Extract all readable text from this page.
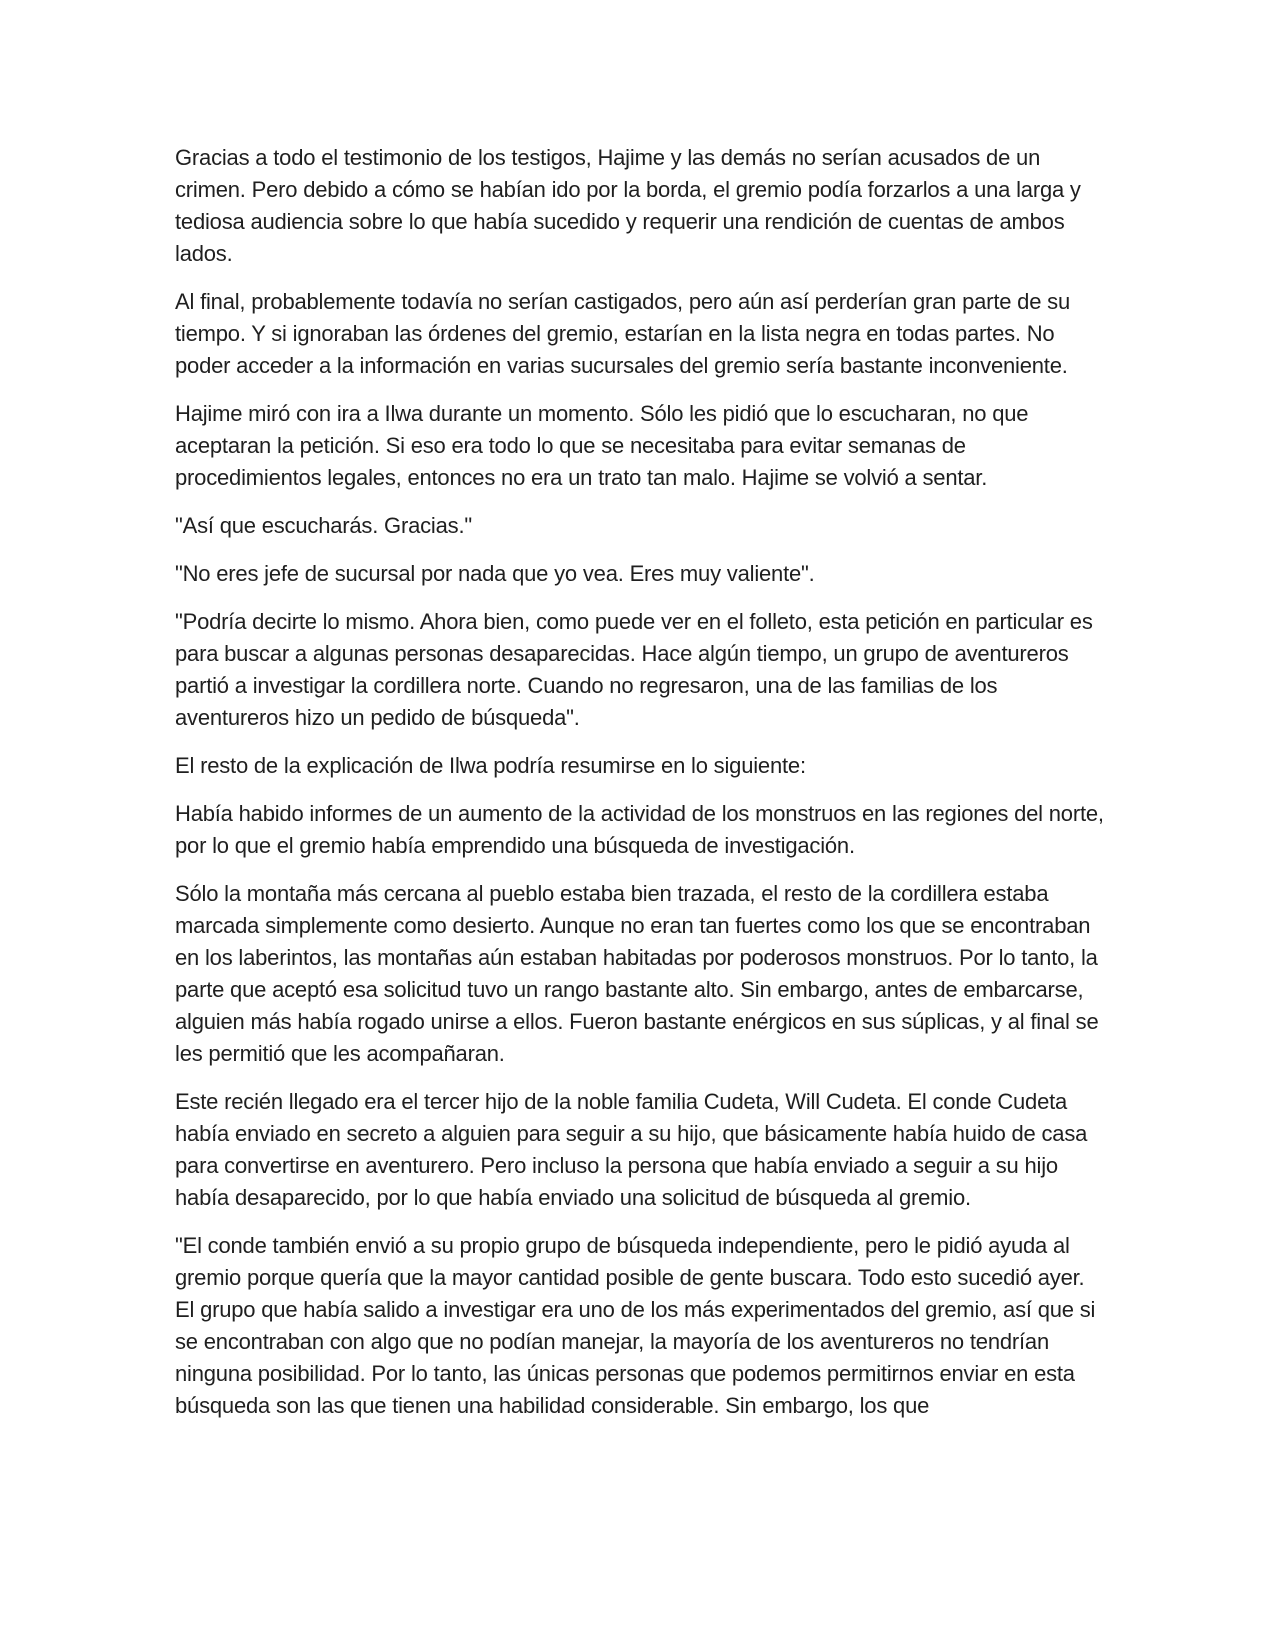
Gracias a todo el testimonio de los testigos, Hajime y las demás no serían acusados de un crimen. Pero debido a cómo se habían ido por la borda, el gremio podía forzarlos a una larga y tediosa audiencia sobre lo que había sucedido y requerir una rendición de cuentas de ambos lados.

Al final, probablemente todavía no serían castigados, pero aún así perderían gran parte de su tiempo. Y si ignoraban las órdenes del gremio, estarían en la lista negra en todas partes. No poder acceder a la información en varias sucursales del gremio sería bastante inconveniente.

Hajime miró con ira a Ilwa durante un momento. Sólo les pidió que lo escucharan, no que aceptaran la petición. Si eso era todo lo que se necesitaba para evitar semanas de procedimientos legales, entonces no era un trato tan malo. Hajime se volvió a sentar.

"Así que escucharás. Gracias."

"No eres jefe de sucursal por nada que yo vea. Eres muy valiente".

"Podría decirte lo mismo. Ahora bien, como puede ver en el folleto, esta petición en particular es para buscar a algunas personas desaparecidas. Hace algún tiempo, un grupo de aventureros partió a investigar la cordillera norte. Cuando no regresaron, una de las familias de los aventureros hizo un pedido de búsqueda".

El resto de la explicación de Ilwa podría resumirse en lo siguiente:

Había habido informes de un aumento de la actividad de los monstruos en las regiones del norte, por lo que el gremio había emprendido una búsqueda de investigación.

Sólo la montaña más cercana al pueblo estaba bien trazada, el resto de la cordillera estaba marcada simplemente como desierto. Aunque no eran tan fuertes como los que se encontraban en los laberintos, las montañas aún estaban habitadas por poderosos monstruos. Por lo tanto, la parte que aceptó esa solicitud tuvo un rango bastante alto. Sin embargo, antes de embarcarse, alguien más había rogado unirse a ellos. Fueron bastante enérgicos en sus súplicas, y al final se les permitió que les acompañaran.

Este recién llegado era el tercer hijo de la noble familia Cudeta, Will Cudeta. El conde Cudeta había enviado en secreto a alguien para seguir a su hijo, que básicamente había huido de casa para convertirse en aventurero. Pero incluso la persona que había enviado a seguir a su hijo había desaparecido, por lo que había enviado una solicitud de búsqueda al gremio.

"El conde también envió a su propio grupo de búsqueda independiente, pero le pidió ayuda al gremio porque quería que la mayor cantidad posible de gente buscara. Todo esto sucedió ayer. El grupo que había salido a investigar era uno de los más experimentados del gremio, así que si se encontraban con algo que no podían manejar, la mayoría de los aventureros no tendrían ninguna posibilidad. Por lo tanto, las únicas personas que podemos permitirnos enviar en esta búsqueda son las que tienen una habilidad considerable. Sin embargo, los que
